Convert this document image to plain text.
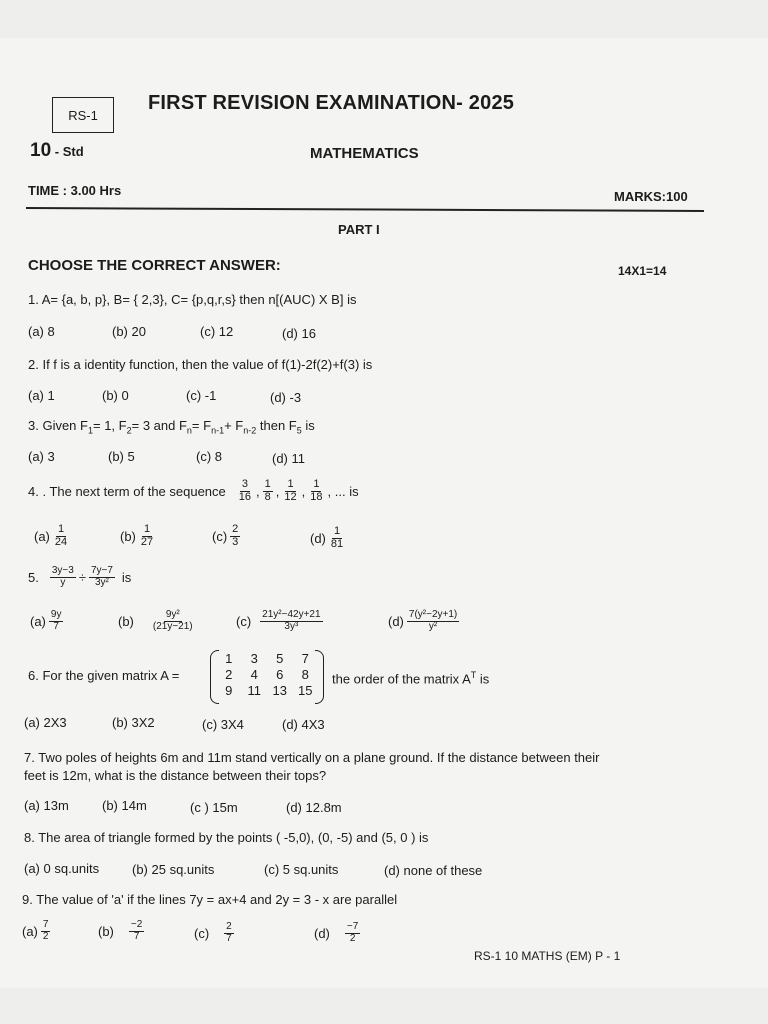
RS-1
FIRST REVISION EXAMINATION- 2025
10 - Std	MATHEMATICS
TIME : 3.00 Hrs	MARKS:100
PART I
CHOOSE THE CORRECT ANSWER:	14X1=14
1. A= {a, b, p}, B= { 2,3}, C= {p,q,r,s} then n[(AUC) X B] is
(a) 8	(b) 20	(c) 12	(d) 16
2. If f is a identity function, then the value of f(1)-2f(2)+f(3) is
(a) 1	(b) 0	(c) -1	(d) -3
3. Given $F_1= 1$, $F_2= 3$ and $F_n= F_{n-1}+ F_{n-2}$ then $F_5$ is
(a) 3	(b) 5	(c) 8	(d) 11
4. . The next term of the sequence $\frac{3}{16}$ , $\frac{1}{8}$ , $\frac{1}{12}$ , $\frac{1}{18}$ , ... is
$(a) \frac{1}{24}$	$(b) \frac{1}{27}$	$(c) \frac{2}{3}$	$(d) \frac{1}{81}$
5. $\frac{3y-3}{y} \div \frac{7y-7}{\text{3y²}}$ is
$(a) \frac{9y}{7}$	$(b) \frac{\text{9y²}}{(21y-21)}$	$(c) \frac{\text{21y²−42y+21}}{\text{3y³}}$	$(d) \frac{\text{7(y²−2y+1)}}{\text{y²}}$
6. For the given matrix A =
1	3	5	7
2	4	6	8
9	11 13 15
the order of the matrix $A^T$ is
(a) 2X3	(b) 3X2	(c) 3X4	(d) 4X3
7. Two poles of heights 6m and 11m stand vertically on a plane ground. If the distance between their
feet is 12m, what is the distance between their tops?
(a) 13m	(b) 14m	(c ) 15m	(d) 12.8m
8. The area of triangle formed by the points ( -5,0), (0, -5) and (5, 0 ) is
(a) 0 sq.units	(b) 25 sq.units	(c) 5 sq.units	(d) none of these
9. The value of 'a' if the lines 7y = ax+4 and 2y = 3 - x are parallel
$(a) \frac{7}{2}$	$(b) \frac{-2}{7}$	$(c) \frac{2}{7}$	$(d) \frac{-7}{2}$
RS-1 10 MATHS (EM) P - 1
